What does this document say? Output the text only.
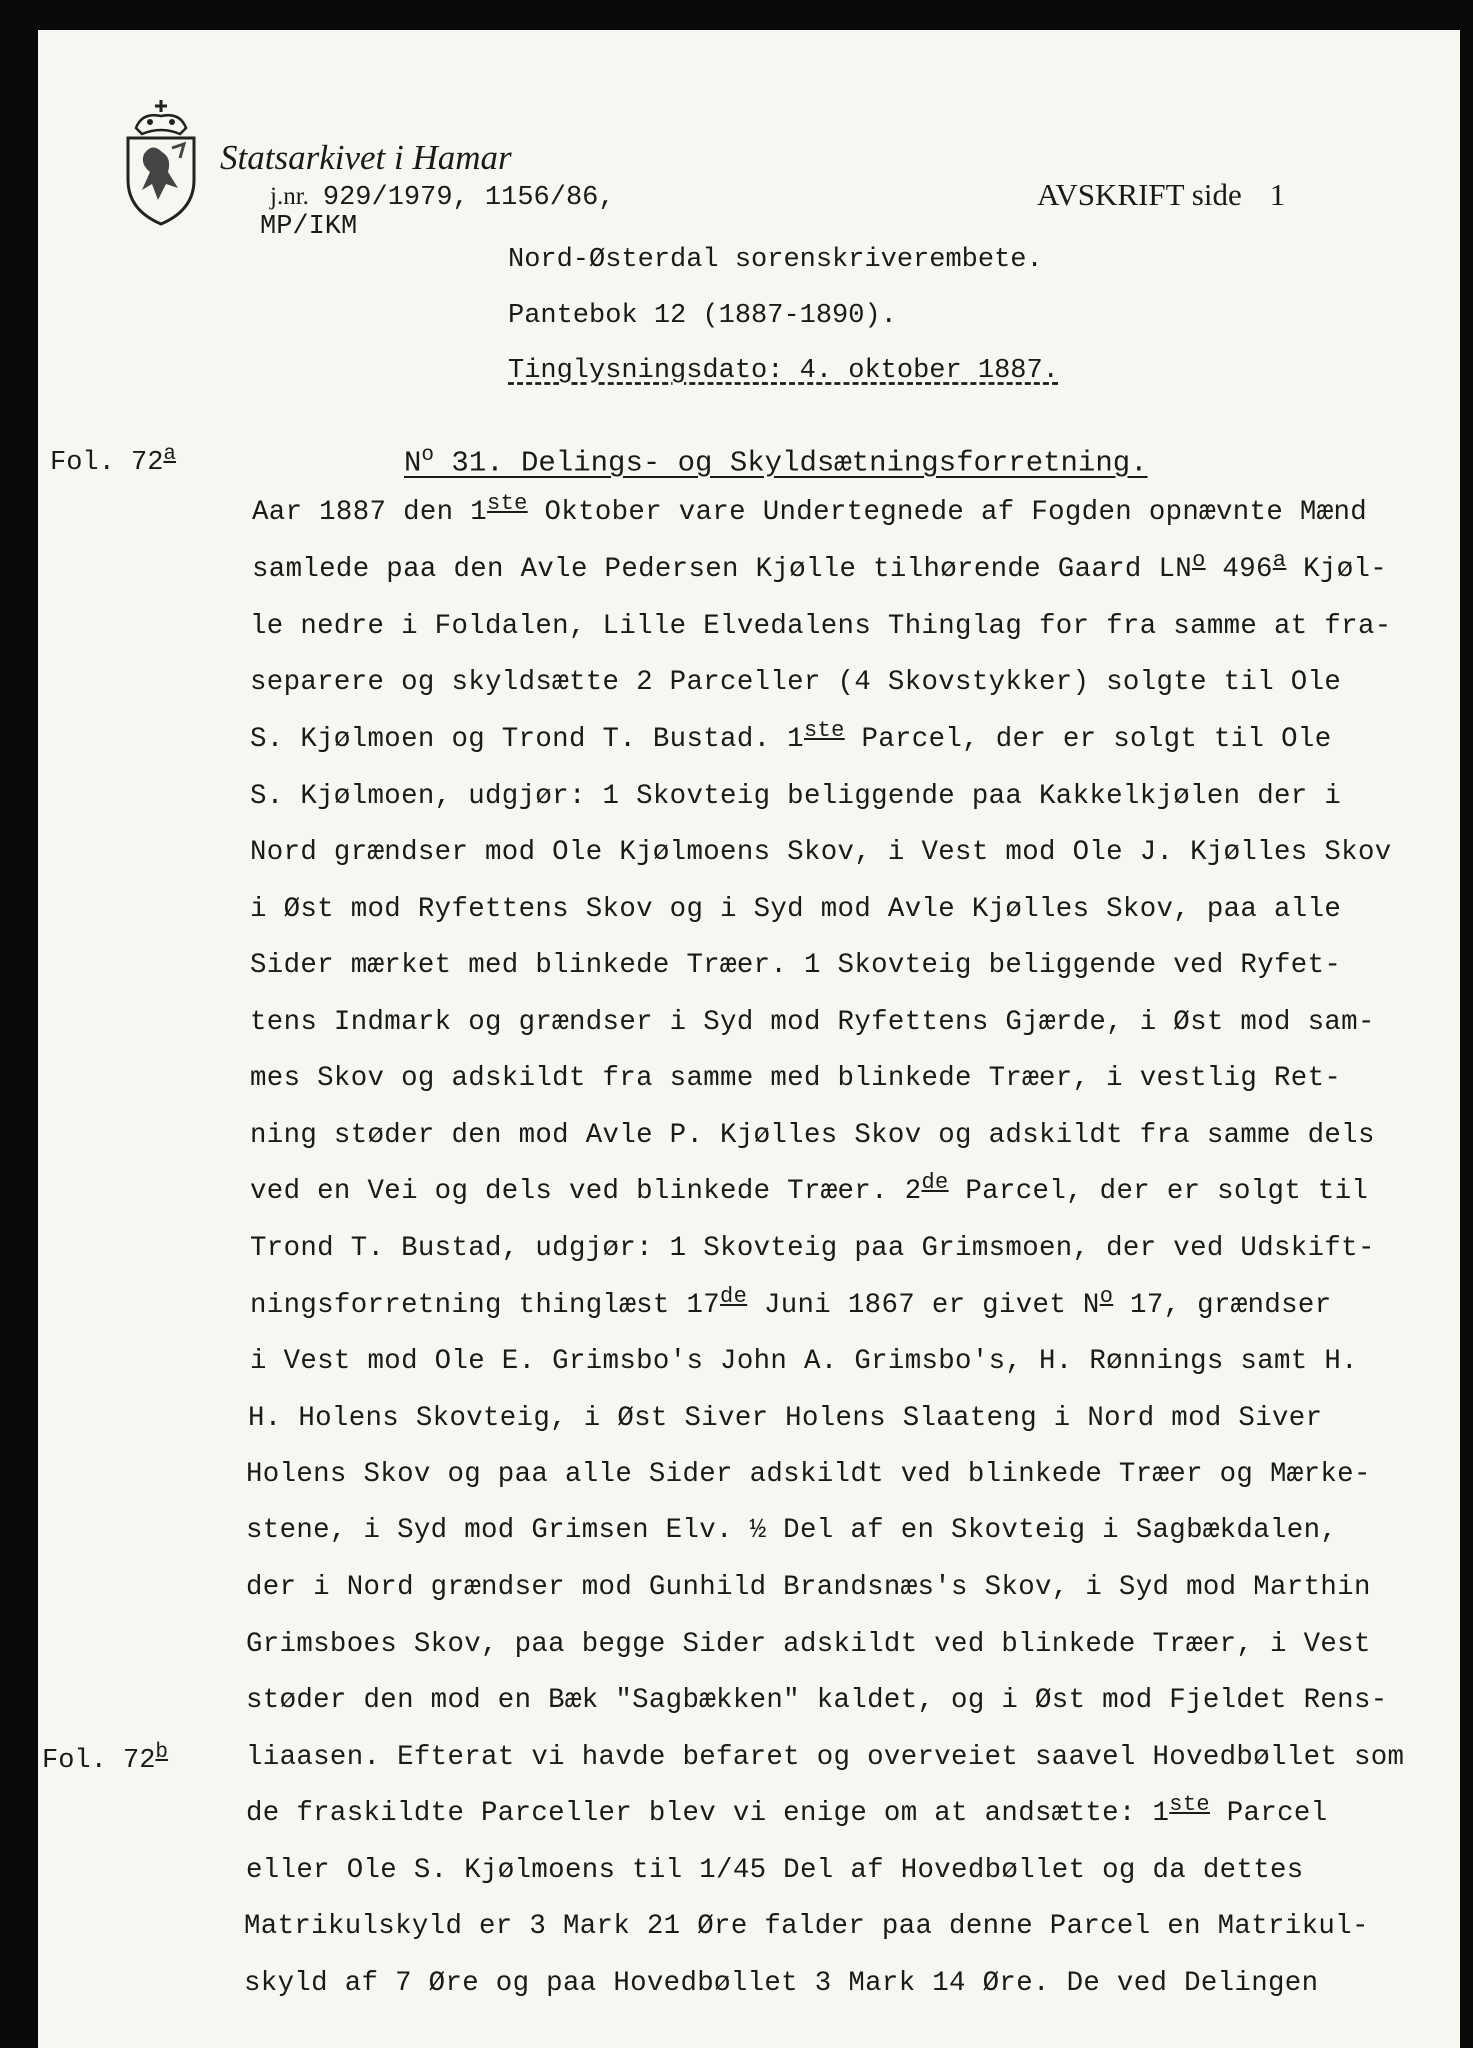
Statsarkivet i Hamar
j.nr. 929/1979, 1156/86,
MP/IKM
AVSKRIFT side 1
Nord-Østerdal sorenskriverembete.
Pantebok 12 (1887-1890).
Tinglysningsdato: 4. oktober 1887.
Fol. 72$^a$
Fol. 72$^b$
$N^o$ 31. Delings- og Skyldsætningsforretning.
Aar 1887 den 1ste Oktober vare Undertegnede af Fogden opnævnte Mænd
samlede paa den Avle Pedersen Kjølle tilhørende Gaard $LN^o$ 496$^a$ Kjøl-
le nedre i Foldalen, Lille Elvedalens Thinglag for fra samme at fra-
separere og skyldsætte 2 Parceller (4 Skovstykker) solgte til Ole
S. Kjølmoen og Trond T. Bustad. 1ste Parcel, der er solgt til Ole
S. Kjølmoen, udgjør: 1 Skovteig beliggende paa Kakkelkjølen der i
Nord grændser mod Ole Kjølmoens Skov, i Vest mod Ole J. Kjølles Skov
i Øst mod Ryfettens Skov og i Syd mod Avle Kjølles Skov, paa alle
Sider mærket med blinkede Træer. 1 Skovteig beliggende ved Ryfet-
tens Indmark og grændser i Syd mod Ryfettens Gjærde, i Øst mod sam-
mes Skov og adskildt fra samme med blinkede Træer, i vestlig Ret-
ning støder den mod Avle P. Kjølles Skov og adskildt fra samme dels
ved en Vei og dels ved blinkede Træer. 2de Parcel, der er solgt til
Trond T. Bustad, udgjør: 1 Skovteig paa Grimsmoen, der ved Udskift-
ningsforretning thinglæst 17de Juni 1867 er givet $N^o$ 17, grændser
i Vest mod Ole E. Grimsbo's John A. Grimsbo's, H. Rønnings samt H.
H. Holens Skovteig, i Øst Siver Holens Slaateng i Nord mod Siver
Holens Skov og paa alle Sider adskildt ved blinkede Træer og Mærke-
stene, i Syd mod Grimsen Elv. ½ Del af en Skovteig i Sagbækdalen,
der i Nord grændser mod Gunhild Brandsnæs's Skov, i Syd mod Marthin
Grimsboes Skov, paa begge Sider adskildt ved blinkede Træer, i Vest
støder den mod en Bæk "Sagbækken" kaldet, og i Øst mod Fjeldet Rens-
liaasen. Efterat vi havde befaret og overveiet saavel Hovedbøllet som
de fraskildte Parceller blev vi enige om at andsætte: 1ste Parcel
eller Ole S. Kjølmoens til 1/45 Del af Hovedbøllet og da dettes
Matrikulskyld er 3 Mark 21 Øre falder paa denne Parcel en Matrikul-
skyld af 7 Øre og paa Hovedbøllet 3 Mark 14 Øre. De ved Delingen
